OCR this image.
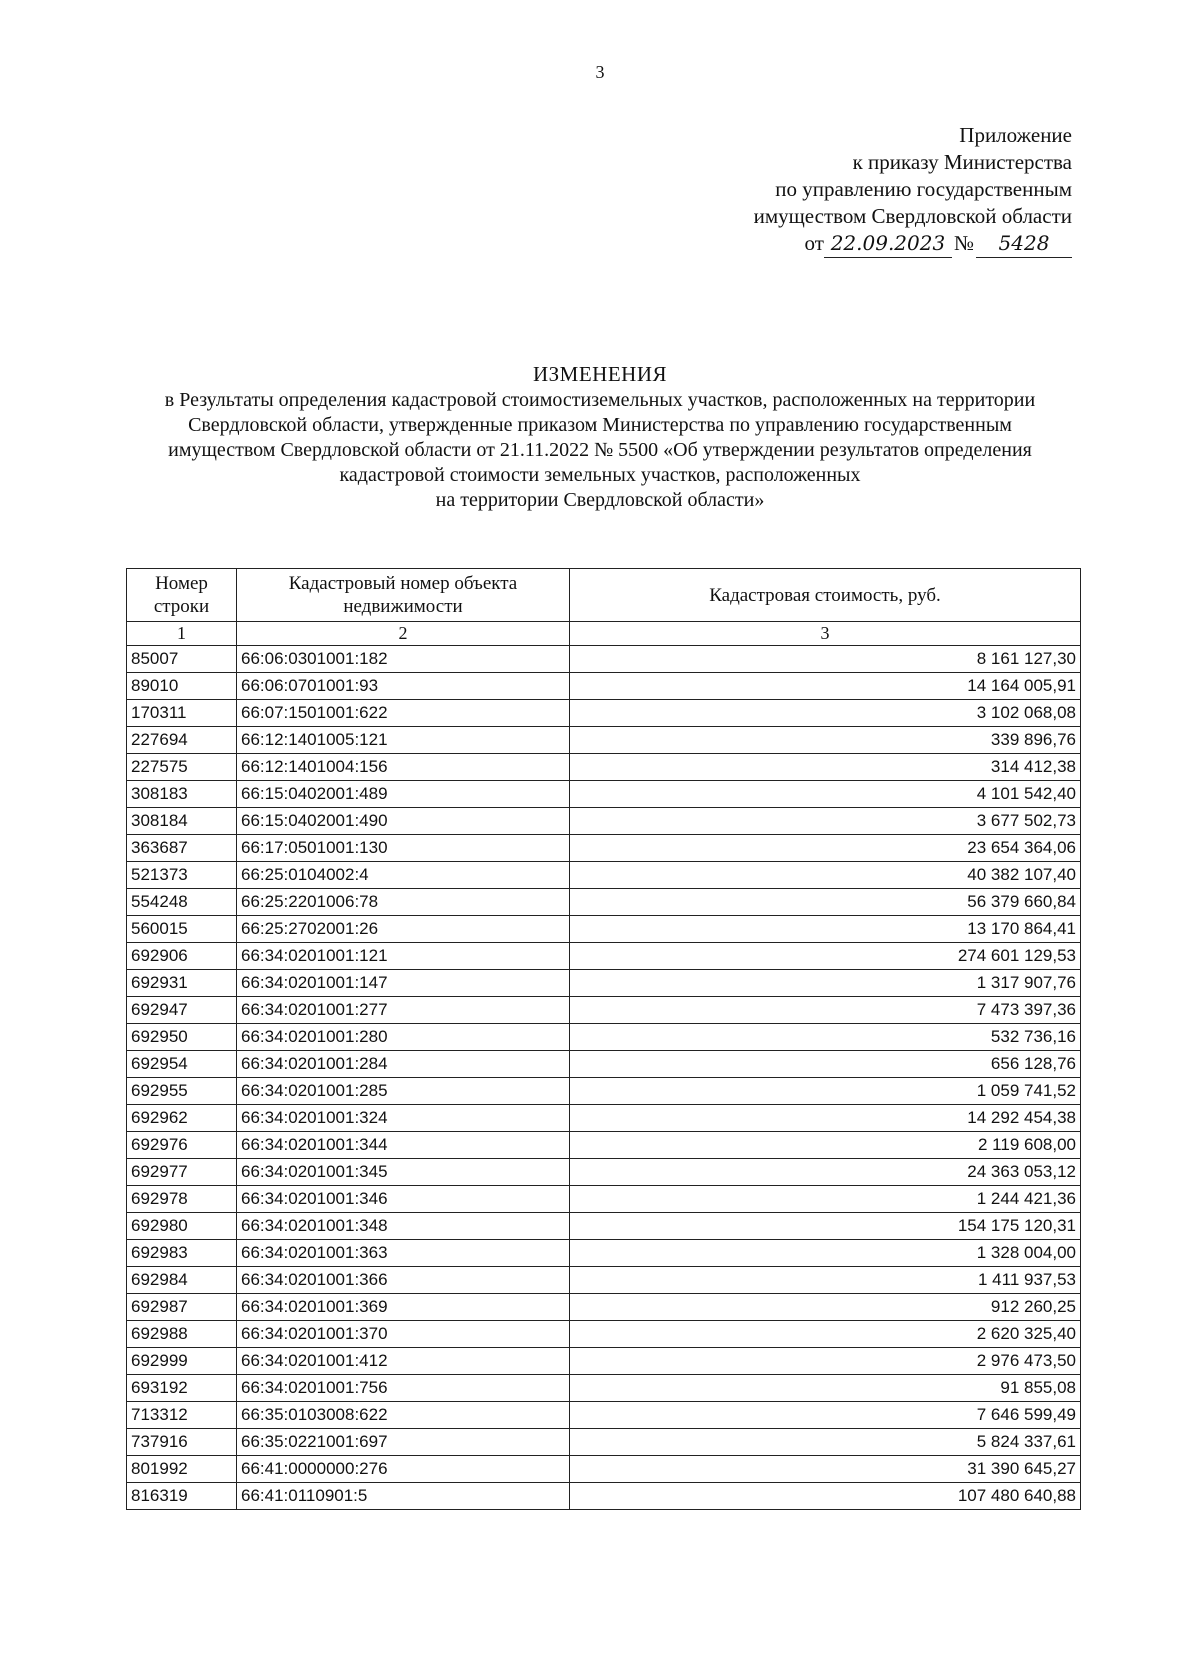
3
Приложение
к приказу Министерства
по управлению государственным
имуществом Свердловской области
от 22.09.2023 № 5428
ИЗМЕНЕНИЯ
в Результаты определения кадастровой стоимостиземельных участков, расположенных на территории
Свердловской области, утвержденные приказом Министерства по управлению государственным
имуществом Свердловской области от 21.11.2022 № 5500 «Об утверждении результатов определения
кадастровой стоимости земельных участков, расположенных
на территории Свердловской области»
Номер строки	Кадастровый номер объекта недвижимости	Кадастровая стоимость, руб.
1	2	3
85007	66:06:0301001:182	8 161 127,30
89010	66:06:0701001:93	14 164 005,91
170311	66:07:1501001:622	3 102 068,08
227694	66:12:1401005:121	339 896,76
227575	66:12:1401004:156	314 412,38
308183	66:15:0402001:489	4 101 542,40
308184	66:15:0402001:490	3 677 502,73
363687	66:17:0501001:130	23 654 364,06
521373	66:25:0104002:4	40 382 107,40
554248	66:25:2201006:78	56 379 660,84
560015	66:25:2702001:26	13 170 864,41
692906	66:34:0201001:121	274 601 129,53
692931	66:34:0201001:147	1 317 907,76
692947	66:34:0201001:277	7 473 397,36
692950	66:34:0201001:280	532 736,16
692954	66:34:0201001:284	656 128,76
692955	66:34:0201001:285	1 059 741,52
692962	66:34:0201001:324	14 292 454,38
692976	66:34:0201001:344	2 119 608,00
692977	66:34:0201001:345	24 363 053,12
692978	66:34:0201001:346	1 244 421,36
692980	66:34:0201001:348	154 175 120,31
692983	66:34:0201001:363	1 328 004,00
692984	66:34:0201001:366	1 411 937,53
692987	66:34:0201001:369	912 260,25
692988	66:34:0201001:370	2 620 325,40
692999	66:34:0201001:412	2 976 473,50
693192	66:34:0201001:756	91 855,08
713312	66:35:0103008:622	7 646 599,49
737916	66:35:0221001:697	5 824 337,61
801992	66:41:0000000:276	31 390 645,27
816319	66:41:0110901:5	107 480 640,88
